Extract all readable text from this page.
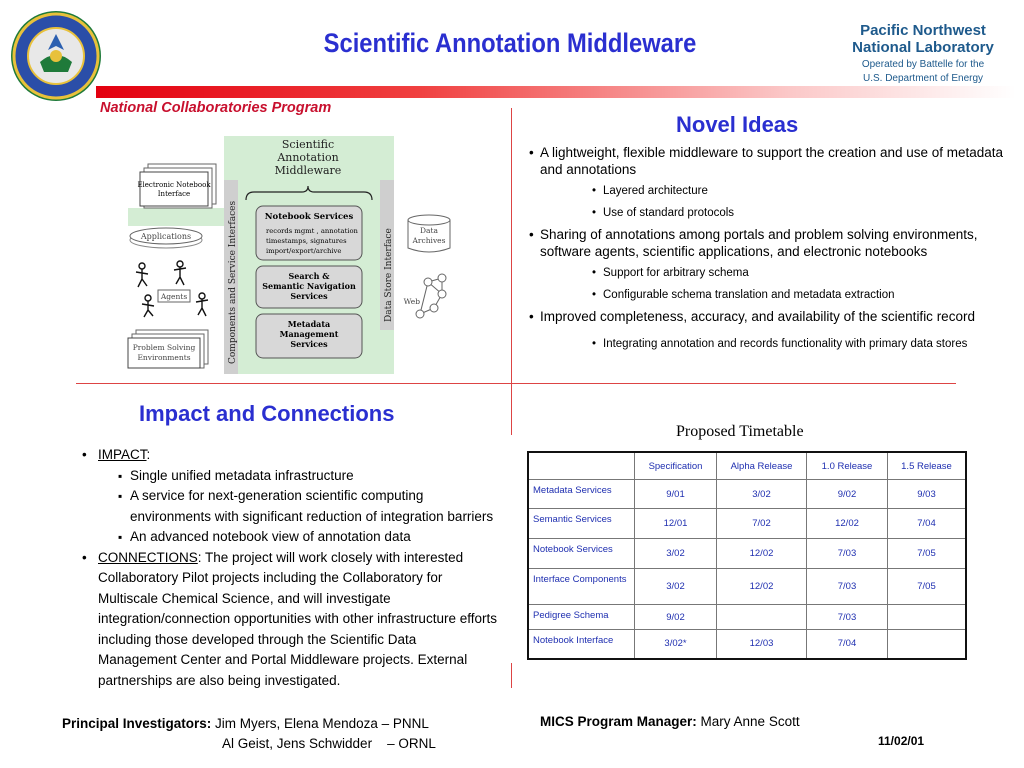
Scientific Annotation Middleware	Pacific Northwest
National Laboratory
Operated by Battelle for the
U.S. Department of Energy
National Collaboratories Program
Scientific
Annotation
Middleware
Electronic Notebook
Interface
Applications
Agents
Problem Solving
Environments	Components and Service Interfaces	Data Store Interface
Notebook Services
records mgmt , annotation
timestamps, signatures
import/export/archive
Search &
Semantic Navigation
Services
Metadata
Management
Services
Data
Archives
Web
Novel Ideas

• A lightweight, flexible middleware to support the creation and use of metadata and annotations

• Layered architecture

• Use of standard protocols

• Sharing of annotations among portals and problem solving environments, software agents, scientific applications, and electronic notebooks

• Support for arbitrary schema

• Configurable schema translation and metadata extraction

• Improved completeness, accuracy, and availability of the scientific record

• Integrating annotation and records functionality with primary data stores

Impact and Connections
• IMPACT:
▪ Single unified metadata infrastructure
▪ A service for next-generation scientific computing environments with significant reduction of integration barriers
▪ An advanced notebook view of annotation data
• CONNECTIONS: The project will work closely with interested Collaboratory Pilot projects including the Collaboratory for Multiscale Chemical Science, and will investigate integration/connection opportunities with other infrastructure efforts including those developed through the Scientific Data Management Center and Portal Middleware projects. External partnerships are also being investigated.
Proposed Timetable
	Specification	Alpha Release	1.0 Release	1.5 Release
Metadata Services	9/01	3/02	9/02	9/03
Semantic Services	12/01	7/02	12/02	7/04
Notebook Services	3/02	12/02	7/03	7/05
Interface Components	3/02	12/02	7/03	7/05
Pedigree Schema	9/02		7/03	
Notebook Interface	3/02*	12/03	7/04	
Principal Investigators: Jim Myers, Elena Mendoza – PNNL
Al Geist, Jens Schwidder    – ORNL
MICS Program Manager: Mary Anne Scott
11/02/01
